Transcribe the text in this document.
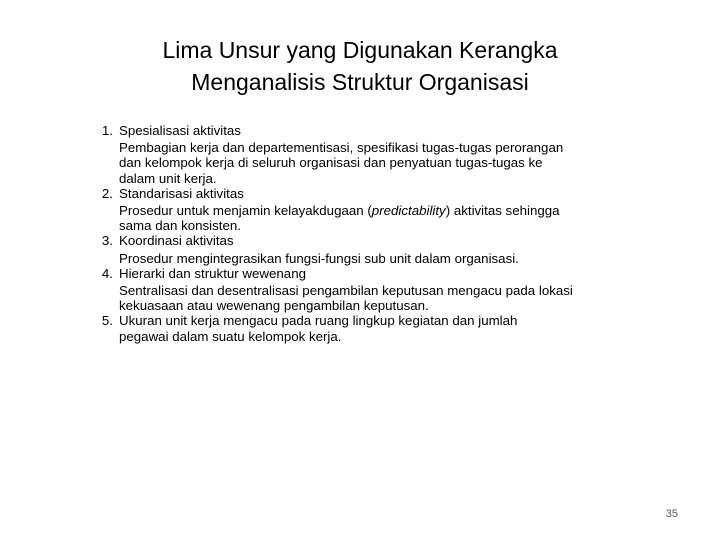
Lima Unsur yang Digunakan Kerangka
Menganalisis Struktur Organisasi
1. Spesialisasi aktivitas
Pembagian kerja dan departementisasi, spesifikasi tugas-tugas perorangan
dan kelompok kerja di seluruh organisasi dan penyatuan tugas-tugas ke
dalam unit kerja.
2. Standarisasi aktivitas
Prosedur untuk menjamin kelayakdugaan (predictability) aktivitas sehingga
sama dan konsisten.
3. Koordinasi aktivitas
Prosedur mengintegrasikan fungsi-fungsi sub unit dalam organisasi.
4. Hierarki dan struktur wewenang
Sentralisasi dan desentralisasi pengambilan keputusan mengacu pada lokasi
kekuasaan atau wewenang pengambilan keputusan.
5. Ukuran unit kerja mengacu pada ruang lingkup kegiatan dan jumlah
pegawai dalam suatu kelompok kerja.
35
